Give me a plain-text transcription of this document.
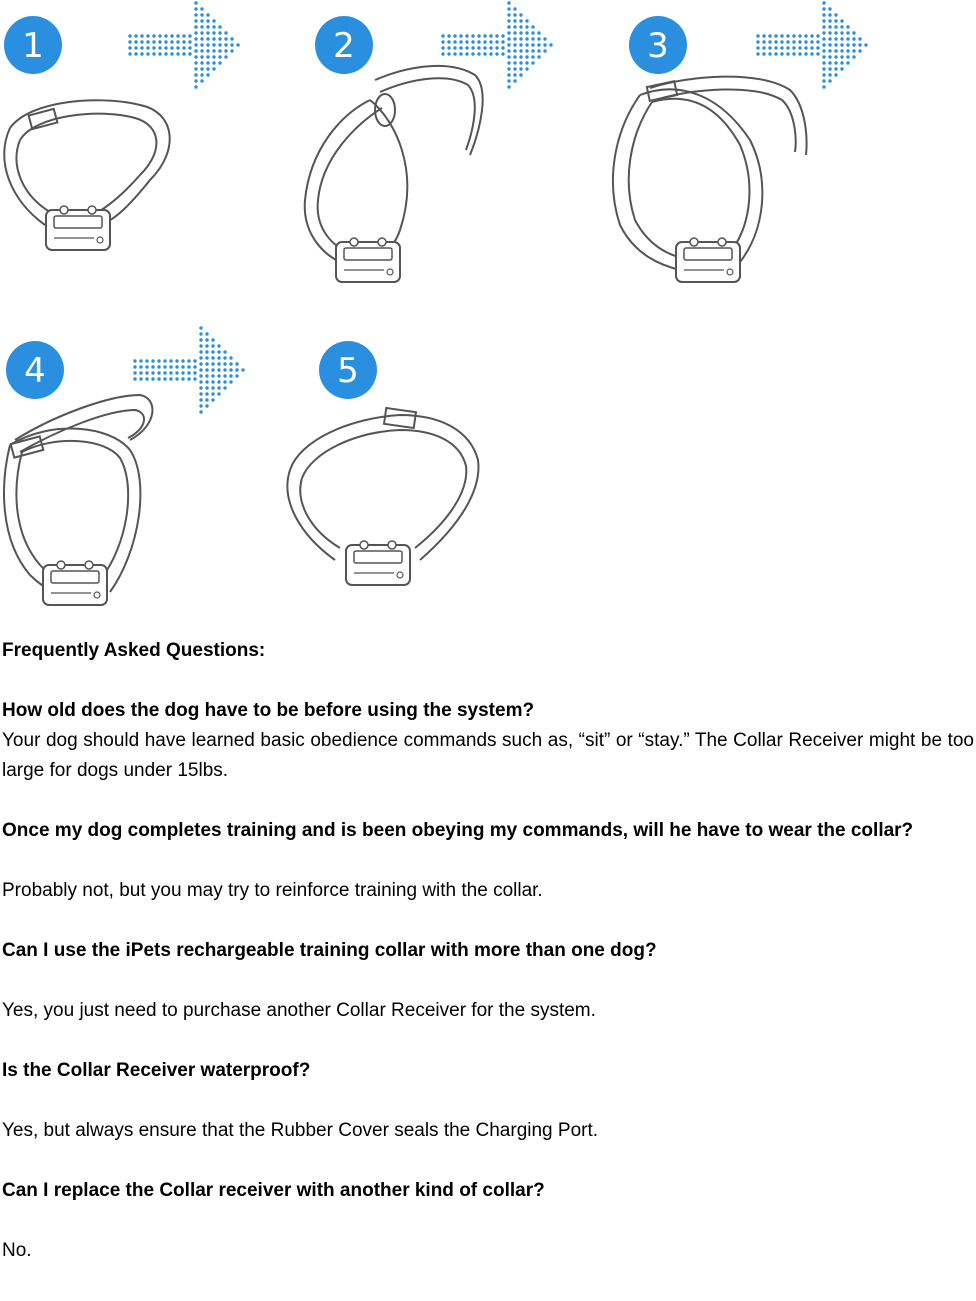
1	2	3
4	5

Frequently Asked Questions:

How old does the dog have to be before using the system?

Your dog should have learned basic obedience commands such as, “sit” or “stay.” The Collar Receiver might be too large for dogs under 15lbs.

Once my dog completes training and is been obeying my commands, will he have to wear the collar?

Probably not, but you may try to reinforce training with the collar.

Can I use the iPets rechargeable training collar with more than one dog?

Yes, you just need to purchase another Collar Receiver for the system.

Is the Collar Receiver waterproof?

Yes, but always ensure that the Rubber Cover seals the Charging Port.

Can I replace the Collar receiver with another kind of collar?

No.
